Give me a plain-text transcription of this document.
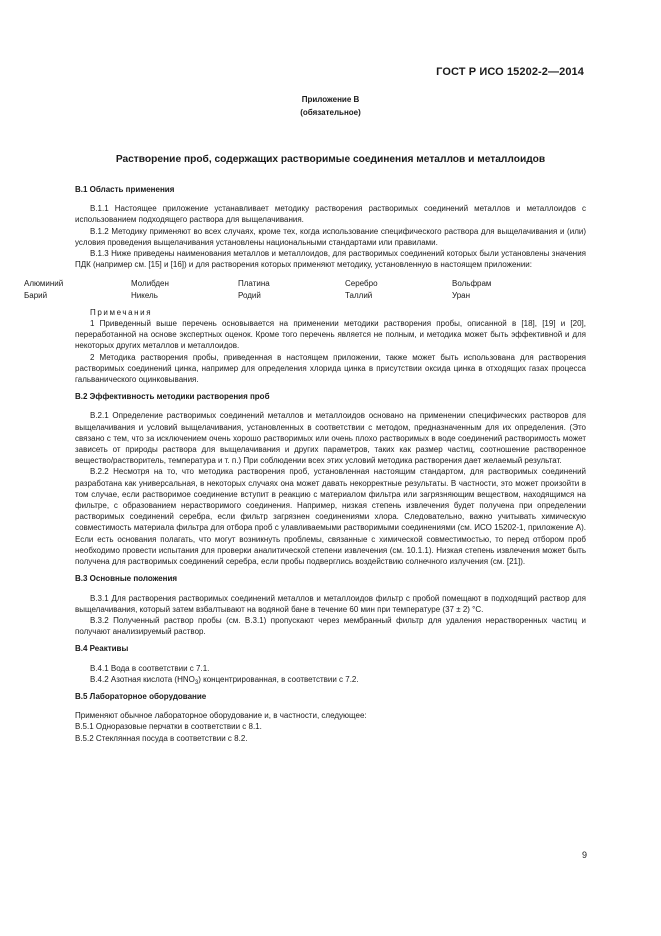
ГОСТ Р ИСО 15202-2—2014
Приложение В
(обязательное)
Растворение проб, содержащих растворимые соединения металлов и металлоидов
В.1 Область применения

В.1.1 Настоящее приложение устанавливает методику растворения растворимых соединений металлов и металлоидов с использованием подходящего раствора для выщелачивания.

В.1.2 Методику применяют во всех случаях, кроме тех, когда использование специфического раствора для выщелачивания и (или) условия проведения выщелачивания установлены национальными стандартами или правилами.

В.1.3 Ниже приведены наименования металлов и металлоидов, для растворимых соединений которых были установлены значения ПДК (например см. [15] и [16]) и для растворения которых применяют методику, установленную в настоящем приложении:

Алюминий	Молибден	Платина	Серебро	Вольфрам
Барий	Никель	Родий	Таллий	Уран

Примечания

1 Приведенный выше перечень основывается на применении методики растворения пробы, описанной в [18], [19] и [20], переработанной на основе экспертных оценок. Кроме того перечень является не полным, и методика может быть эффективной и для некоторых других металлов и металлоидов.

2 Методика растворения пробы, приведенная в настоящем приложении, также может быть использована для растворения растворимых соединений цинка, например для определения хлорида цинка в присутствии оксида цинка в отходящих газах процесса гальванического оцинковывания.

В.2 Эффективность методики растворения проб

В.2.1 Определение растворимых соединений металлов и металлоидов основано на применении специфических растворов для выщелачивания и условий выщелачивания, установленных в соответствии с методом, предназначенным для их определения. (Это связано с тем, что за исключением очень хорошо растворимых или очень плохо растворимых в воде соединений растворимость может зависеть от природы раствора для выщелачивания и других параметров, таких как размер частиц, соотношение растворенное вещество/растворитель, температура и т. п.) При соблюдении всех этих условий методика растворения дает желаемый результат.

В.2.2 Несмотря на то, что методика растворения проб, установленная настоящим стандартом, для растворимых соединений разработана как универсальная, в некоторых случаях она может давать некорректные результаты. В частности, это может произойти в том случае, если растворимое соединение вступит в реакцию с материалом фильтра или загрязняющим веществом, находящимся на фильтре, с образованием нерастворимого соединения. Например, низкая степень извлечения будет получена при определении растворимых соединений серебра, если фильтр загрязнен соединениями хлора. Следовательно, важно учитывать химическую совместимость материала фильтра для отбора проб с улавливаемыми растворимыми соединениями (см. ИСО 15202-1, приложение А). Если есть основания полагать, что могут возникнуть проблемы, связанные с химической совместимостью, то перед отбором проб необходимо провести испытания для проверки аналитической степени извлечения (см. 10.1.1). Низкая степень извлечения может быть получена для растворимых соединений серебра, если пробы подверглись воздействию солнечного излучения (см. [21]).

В.3 Основные положения

В.3.1 Для растворения растворимых соединений металлов и металлоидов фильтр с пробой помещают в подходящий раствор для выщелачивания, который затем взбалтывают на водяной бане в течение 60 мин при температуре (37 ± 2) °С.

В.3.2 Полученный раствор пробы (см. В.3.1) пропускают через мембранный фильтр для удаления нерастворенных частиц и получают анализируемый раствор.

В.4 Реактивы

В.4.1 Вода в соответствии с 7.1.

В.4.2 Азотная кислота $(HNO_3)$ концентрированная, в соответствии с 7.2.

В.5 Лабораторное оборудование

Применяют обычное лабораторное оборудование и, в частности, следующее:

В.5.1 Одноразовые перчатки в соответствии с 8.1.

В.5.2 Стеклянная посуда в соответствии с 8.2.

9
